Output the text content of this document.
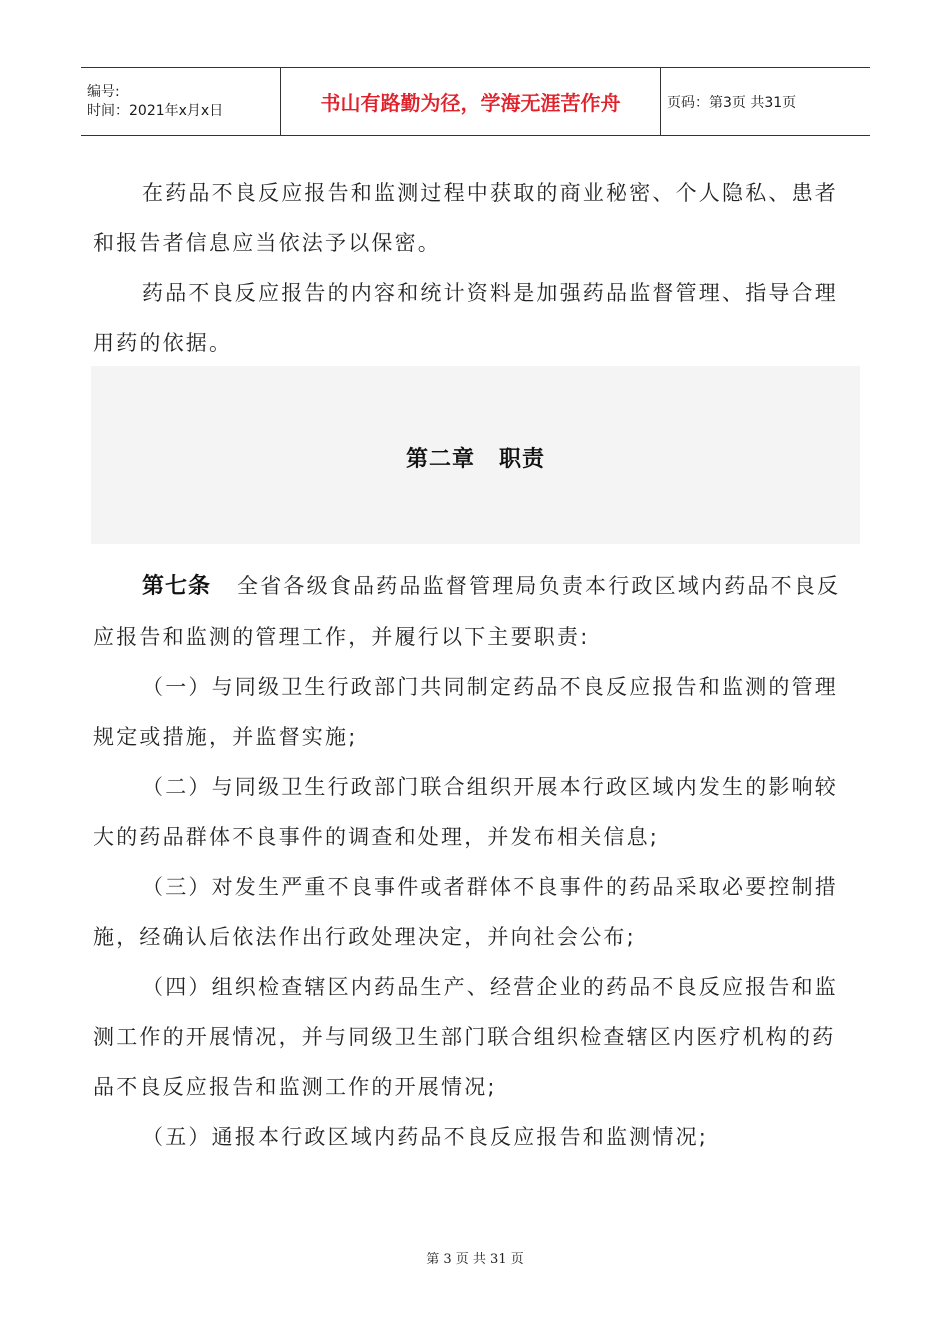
编号:
时间：2021年x月x日	书山有路勤为径，学海无涯苦作舟	页码：第3页 共31页

在药品不良反应报告和监测过程中获取的商业秘密、个人隐私、患者和报告者信息应当依法予以保密。

药品不良反应报告的内容和统计资料是加强药品监督管理、指导合理用药的依据。

第二章 职责

第七条 全省各级食品药品监督管理局负责本行政区域内药品不良反应报告和监测的管理工作，并履行以下主要职责:

（一）与同级卫生行政部门共同制定药品不良反应报告和监测的管理规定或措施，并监督实施;

（二）与同级卫生行政部门联合组织开展本行政区域内发生的影响较大的药品群体不良事件的调查和处理，并发布相关信息;

（三）对发生严重不良事件或者群体不良事件的药品采取必要控制措施，经确认后依法作出行政处理决定，并向社会公布;

（四）组织检查辖区内药品生产、经营企业的药品不良反应报告和监测工作的开展情况，并与同级卫生部门联合组织检查辖区内医疗机构的药品不良反应报告和监测工作的开展情况;

（五）通报本行政区域内药品不良反应报告和监测情况;

第 3 页 共 31 页
